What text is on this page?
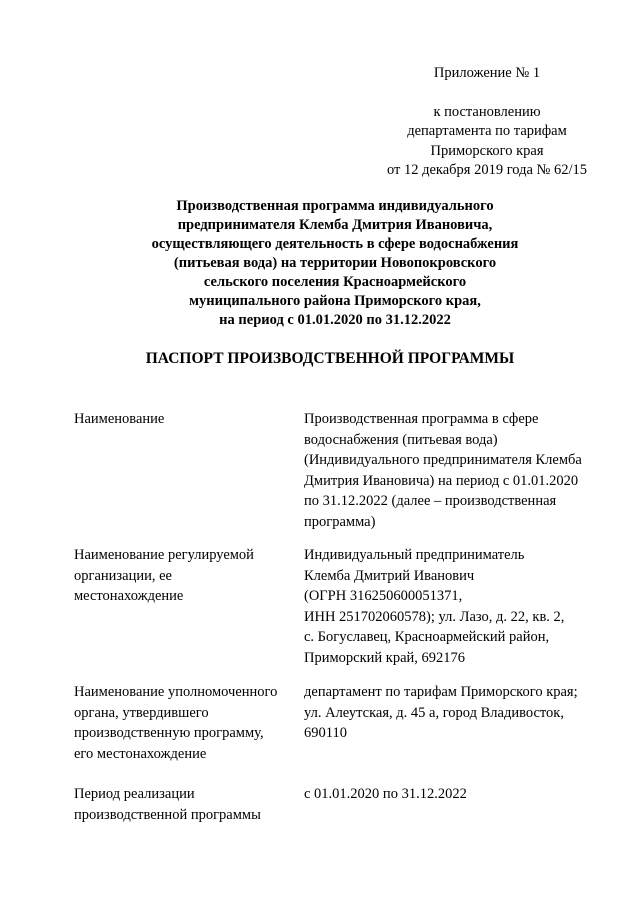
Приложение № 1
к постановлению
департамента по тарифам
Приморского края
от 12 декабря 2019 года № 62/15
Производственная программа индивидуального
предпринимателя Клемба Дмитрия Ивановича,
осуществляющего деятельность в сфере водоснабжения
(питьевая вода) на территории Новопокровского
сельского поселения Красноармейского
муниципального района Приморского края,
на период с 01.01.2020 по 31.12.2022
ПАСПОРТ ПРОИЗВОДСТВЕННОЙ ПРОГРАММЫ
Наименование	Производственная программа в сфере
водоснабжения (питьевая вода)
(Индивидуального предпринимателя Клемба
Дмитрия Ивановича) на период с 01.01.2020
по 31.12.2022 (далее – производственная
программа)
Наименование регулируемой
организации, ее
местонахождение
Индивидуальный предприниматель
Клемба Дмитрий Иванович
(ОГРН 316250600051371,
ИНН 251702060578); ул. Лазо, д. 22, кв. 2,
с. Богуславец, Красноармейский район,
Приморский край, 692176
Наименование уполномоченного
органа, утвердившего
производственную программу,
его местонахождение
департамент по тарифам Приморского края;
ул. Алеутская, д. 45 а, город Владивосток,
690110
Период реализации
производственной программы
с 01.01.2020 по 31.12.2022
